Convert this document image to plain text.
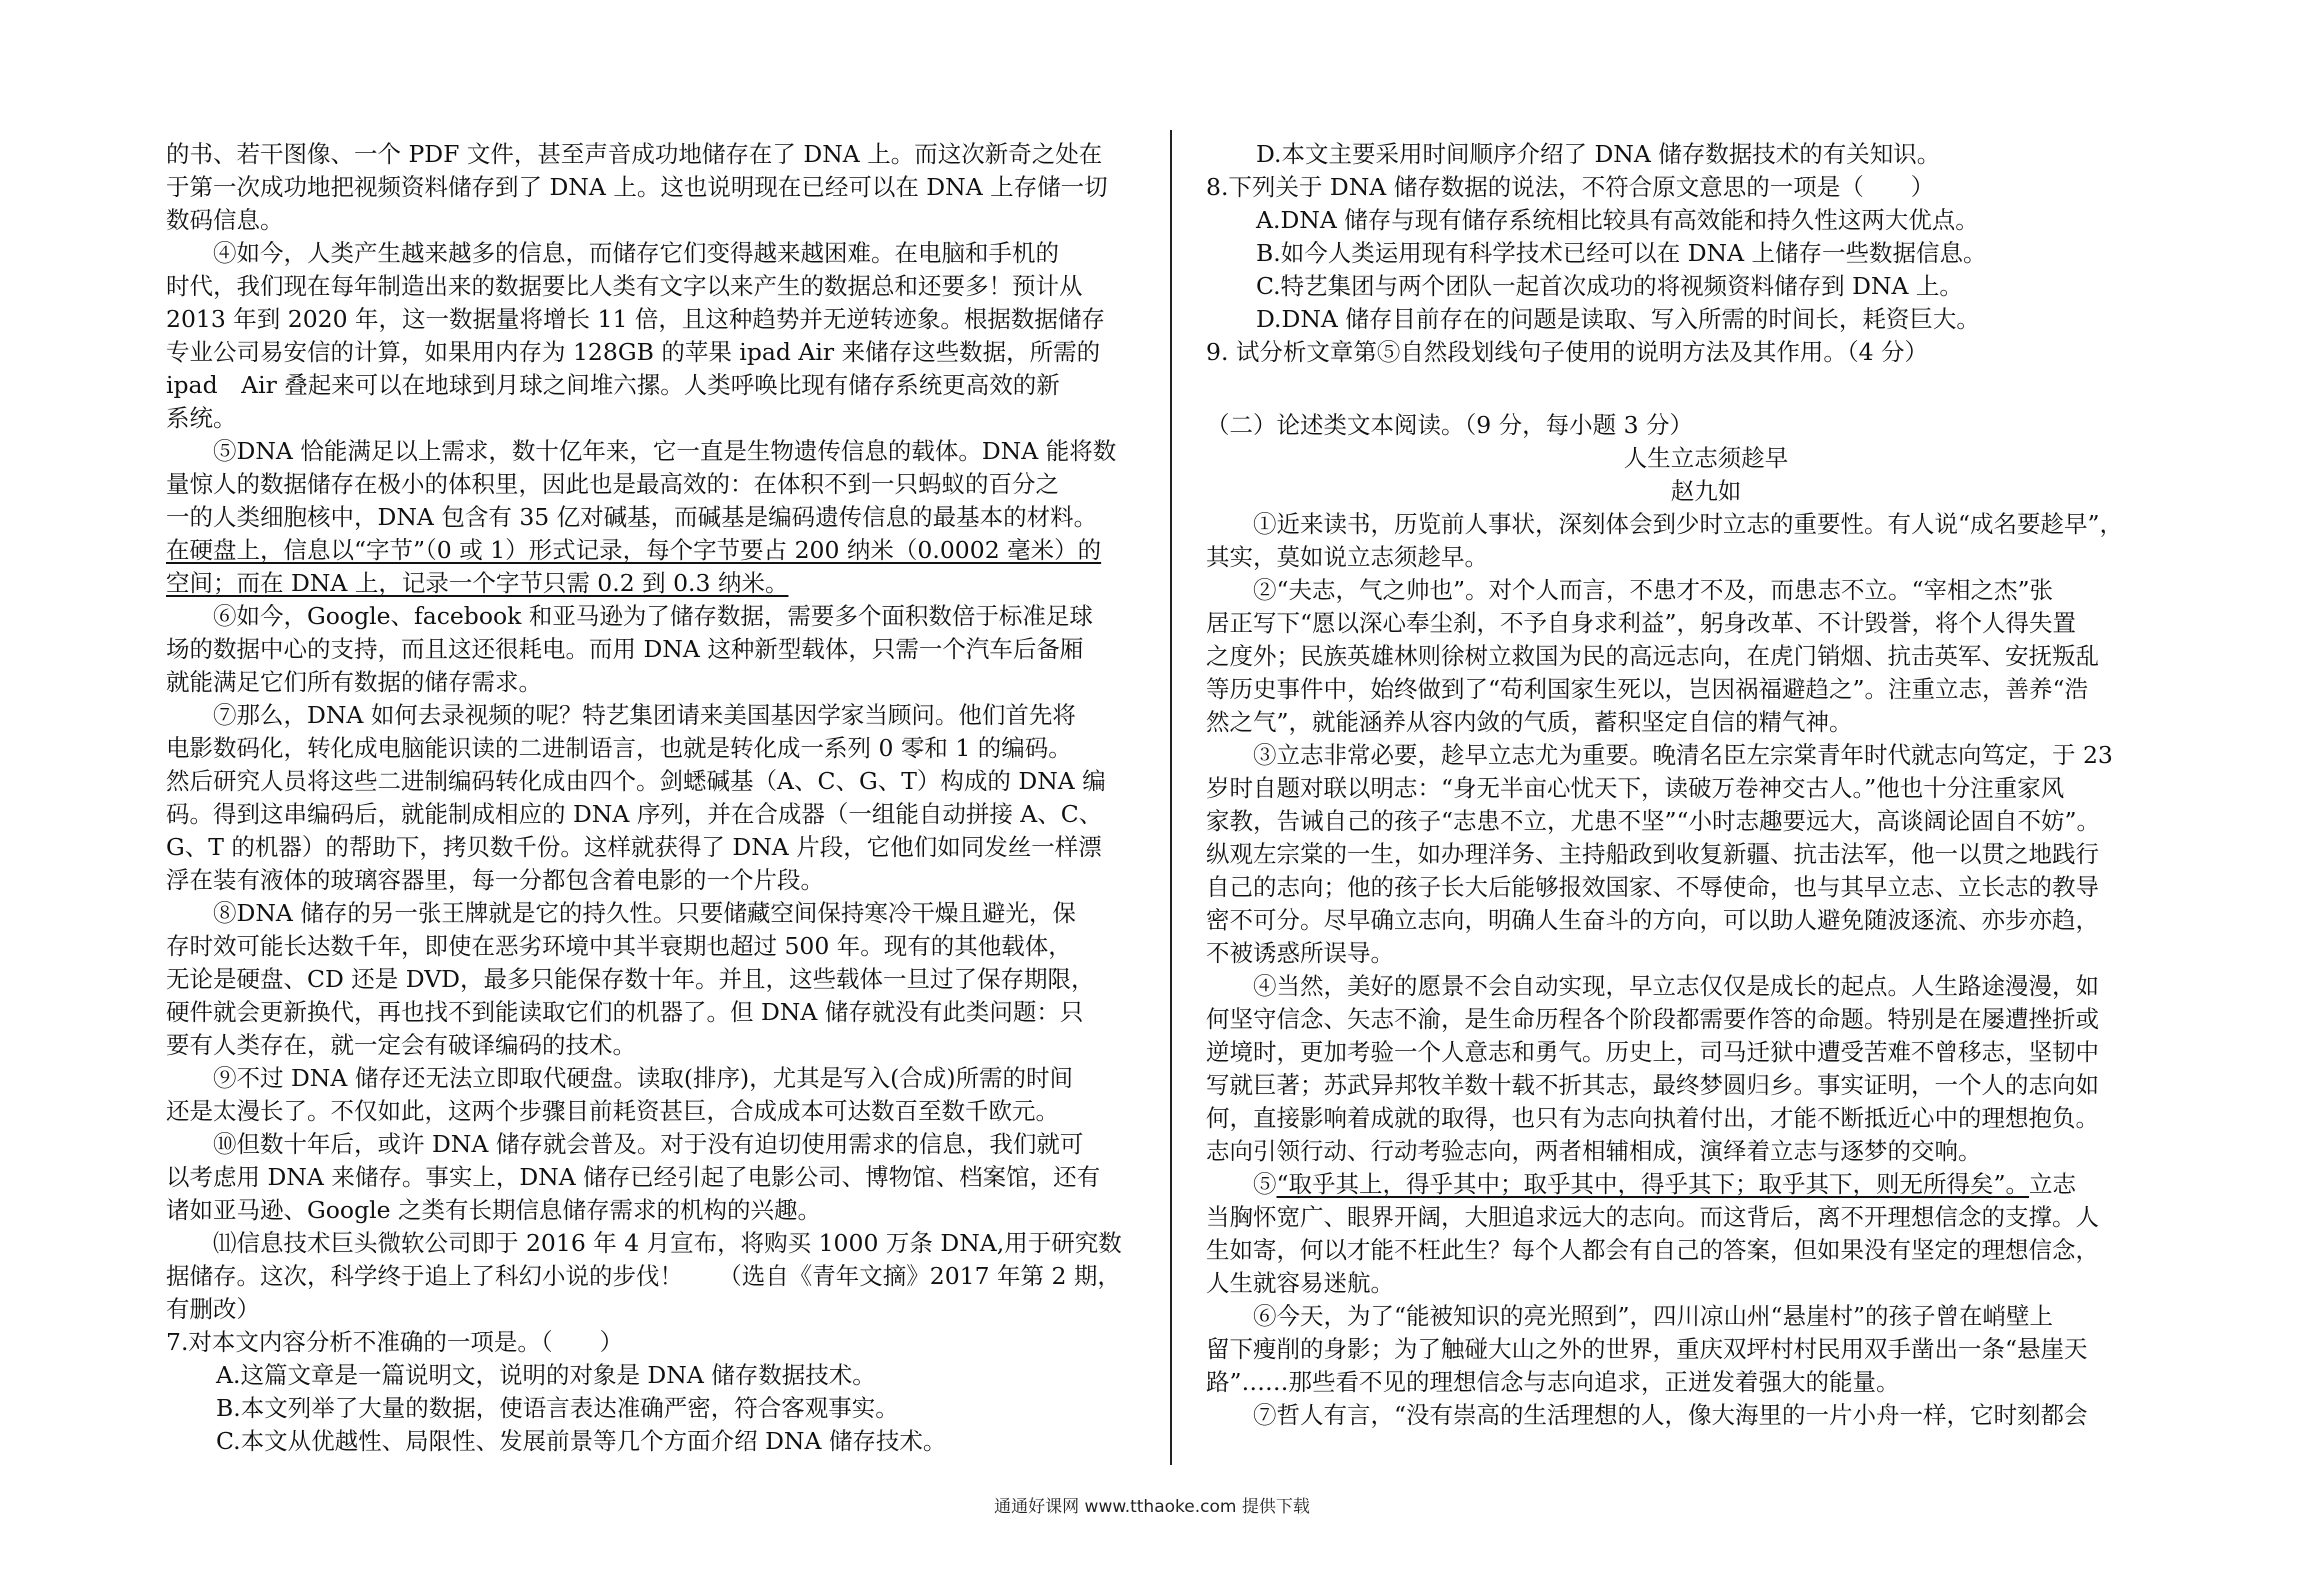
的书、若干图像、一个 PDF 文件，甚至声音成功地储存在了 DNA 上。而这次新奇之处在
于第一次成功地把视频资料储存到了 DNA 上。这也说明现在已经可以在 DNA 上存储一切
数码信息。
　　④如今，人类产生越来越多的信息，而储存它们变得越来越困难。在电脑和手机的
时代，我们现在每年制造出来的数据要比人类有文字以来产生的数据总和还要多！预计从
2013 年到 2020 年，这一数据量将增长 11 倍，且这种趋势并无逆转迹象。根据数据储存
专业公司易安信的计算，如果用内存为 128GB 的苹果 ipad Air 来储存这些数据，所需的
ipad　Air 叠起来可以在地球到月球之间堆六摞。人类呼唤比现有储存系统更高效的新
系统。
　　⑤DNA 恰能满足以上需求，数十亿年来，它一直是生物遗传信息的载体。DNA 能将数
量惊人的数据储存在极小的体积里，因此也是最高效的：在体积不到一只蚂蚁的百分之
一的人类细胞核中，DNA 包含有 35 亿对碱基，而碱基是编码遗传信息的最基本的材料。
在硬盘上，信息以“字节”（0 或 1）形式记录，每个字节要占 200 纳米（0.0002 毫米）的
空间；而在 DNA 上，记录一个字节只需 0.2 到 0.3 纳米。
　　⑥如今，Google、facebook 和亚马逊为了储存数据，需要多个面积数倍于标准足球
场的数据中心的支持，而且这还很耗电。而用 DNA 这种新型载体，只需一个汽车后备厢
就能满足它们所有数据的储存需求。
　　⑦那么，DNA 如何去录视频的呢？特艺集团请来美国基因学家当顾问。他们首先将
电影数码化，转化成电脑能识读的二进制语言，也就是转化成一系列 0 零和 1 的编码。
然后研究人员将这些二进制编码转化成由四个。剑蟋碱基（A、C、G、T）构成的 DNA 编
码。得到这串编码后，就能制成相应的 DNA 序列，并在合成器（一组能自动拼接 A、C、
G、T 的机器）的帮助下，拷贝数千份。这样就获得了 DNA 片段，它他们如同发丝一样漂
浮在装有液体的玻璃容器里，每一分都包含着电影的一个片段。
　　⑧DNA 储存的另一张王牌就是它的持久性。只要储藏空间保持寒冷干燥且避光，保
存时效可能长达数千年，即使在恶劣环境中其半衰期也超过 500 年。现有的其他载体，
无论是硬盘、CD 还是 DVD，最多只能保存数十年。并且，这些载体一旦过了保存期限，
硬件就会更新换代，再也找不到能读取它们的机器了。但 DNA 储存就没有此类问题：只
要有人类存在，就一定会有破译编码的技术。
　　⑨不过 DNA 储存还无法立即取代硬盘。读取(排序)，尤其是写入(合成)所需的时间
还是太漫长了。不仅如此，这两个步骤目前耗资甚巨，合成成本可达数百至数千欧元。
　　⑩但数十年后，或许 DNA 储存就会普及。对于没有迫切使用需求的信息，我们就可
以考虑用 DNA 来储存。事实上，DNA 储存已经引起了电影公司、博物馆、档案馆，还有
诸如亚马逊、Google 之类有长期信息储存需求的机构的兴趣。
　　⑾信息技术巨头微软公司即于 2016 年 4 月宣布，将购买 1000 万条 DNA,用于研究数
据储存。这次，科学终于追上了科幻小说的步伐！　　（选自《青年文摘》2017 年第 2 期，
有删改）
7.对本文内容分析不准确的一项是。（　　）
A.这篇文章是一篇说明文，说明的对象是 DNA 储存数据技术。
B.本文列举了大量的数据，使语言表达准确严密，符合客观事实。
C.本文从优越性、局限性、发展前景等几个方面介绍 DNA 储存技术。
D.本文主要采用时间顺序介绍了 DNA 储存数据技术的有关知识。
8.下列关于 DNA 储存数据的说法，不符合原文意思的一项是（　　）
A.DNA 储存与现有储存系统相比较具有高效能和持久性这两大优点。
B.如今人类运用现有科学技术已经可以在 DNA 上储存一些数据信息。
C.特艺集团与两个团队一起首次成功的将视频资料储存到 DNA 上。
D.DNA 储存目前存在的问题是读取、写入所需的时间长，耗资巨大。
9. 试分析文章第⑤自然段划线句子使用的说明方法及其作用。（4 分）
（二）论述类文本阅读。（9 分，每小题 3 分）
人生立志须趁早
赵九如
　　①近来读书，历览前人事状，深刻体会到少时立志的重要性。有人说“成名要趁早”，
其实，莫如说立志须趁早。
　　②“夫志，气之帅也”。对个人而言，不患才不及，而患志不立。“宰相之杰”张
居正写下“愿以深心奉尘刹，不予自身求利益”，躬身改革、不计毁誉，将个人得失置
之度外；民族英雄林则徐树立救国为民的高远志向，在虎门销烟、抗击英军、安抚叛乱
等历史事件中，始终做到了“苟利国家生死以，岂因祸福避趋之”。注重立志，善养“浩
然之气”，就能涵养从容内敛的气质，蓄积坚定自信的精气神。
　　③立志非常必要，趁早立志尤为重要。晚清名臣左宗棠青年时代就志向笃定，于 23
岁时自题对联以明志：“身无半亩心忧天下，读破万卷神交古人。”他也十分注重家风
家教，告诫自己的孩子“志患不立，尤患不坚”“小时志趣要远大，高谈阔论固自不妨”。
纵观左宗棠的一生，如办理洋务、主持船政到收复新疆、抗击法军，他一以贯之地践行
自己的志向；他的孩子长大后能够报效国家、不辱使命，也与其早立志、立长志的教导
密不可分。尽早确立志向，明确人生奋斗的方向，可以助人避免随波逐流、亦步亦趋，
不被诱惑所误导。
　　④当然，美好的愿景不会自动实现，早立志仅仅是成长的起点。人生路途漫漫，如
何坚守信念、矢志不渝，是生命历程各个阶段都需要作答的命题。特别是在屡遭挫折或
逆境时，更加考验一个人意志和勇气。历史上，司马迁狱中遭受苦难不曾移志，坚韧中
写就巨著；苏武异邦牧羊数十载不折其志，最终梦圆归乡。事实证明，一个人的志向如
何，直接影响着成就的取得，也只有为志向执着付出，才能不断抵近心中的理想抱负。
志向引领行动、行动考验志向，两者相辅相成，演绎着立志与逐梦的交响。
　　⑤“取乎其上，得乎其中；取乎其中，得乎其下；取乎其下，则无所得矣”。立志
当胸怀宽广、眼界开阔，大胆追求远大的志向。而这背后，离不开理想信念的支撑。人
生如寄，何以才能不枉此生？每个人都会有自己的答案，但如果没有坚定的理想信念，
人生就容易迷航。
　　⑥今天，为了“能被知识的亮光照到”，四川凉山州“悬崖村”的孩子曾在峭壁上
留下瘦削的身影；为了触碰大山之外的世界，重庆双坪村村民用双手凿出一条“悬崖天
路”……那些看不见的理想信念与志向追求，正迸发着强大的能量。
　　⑦哲人有言，“没有崇高的生活理想的人，像大海里的一片小舟一样，它时刻都会
通通好课网 www.tthaoke.com 提供下载
